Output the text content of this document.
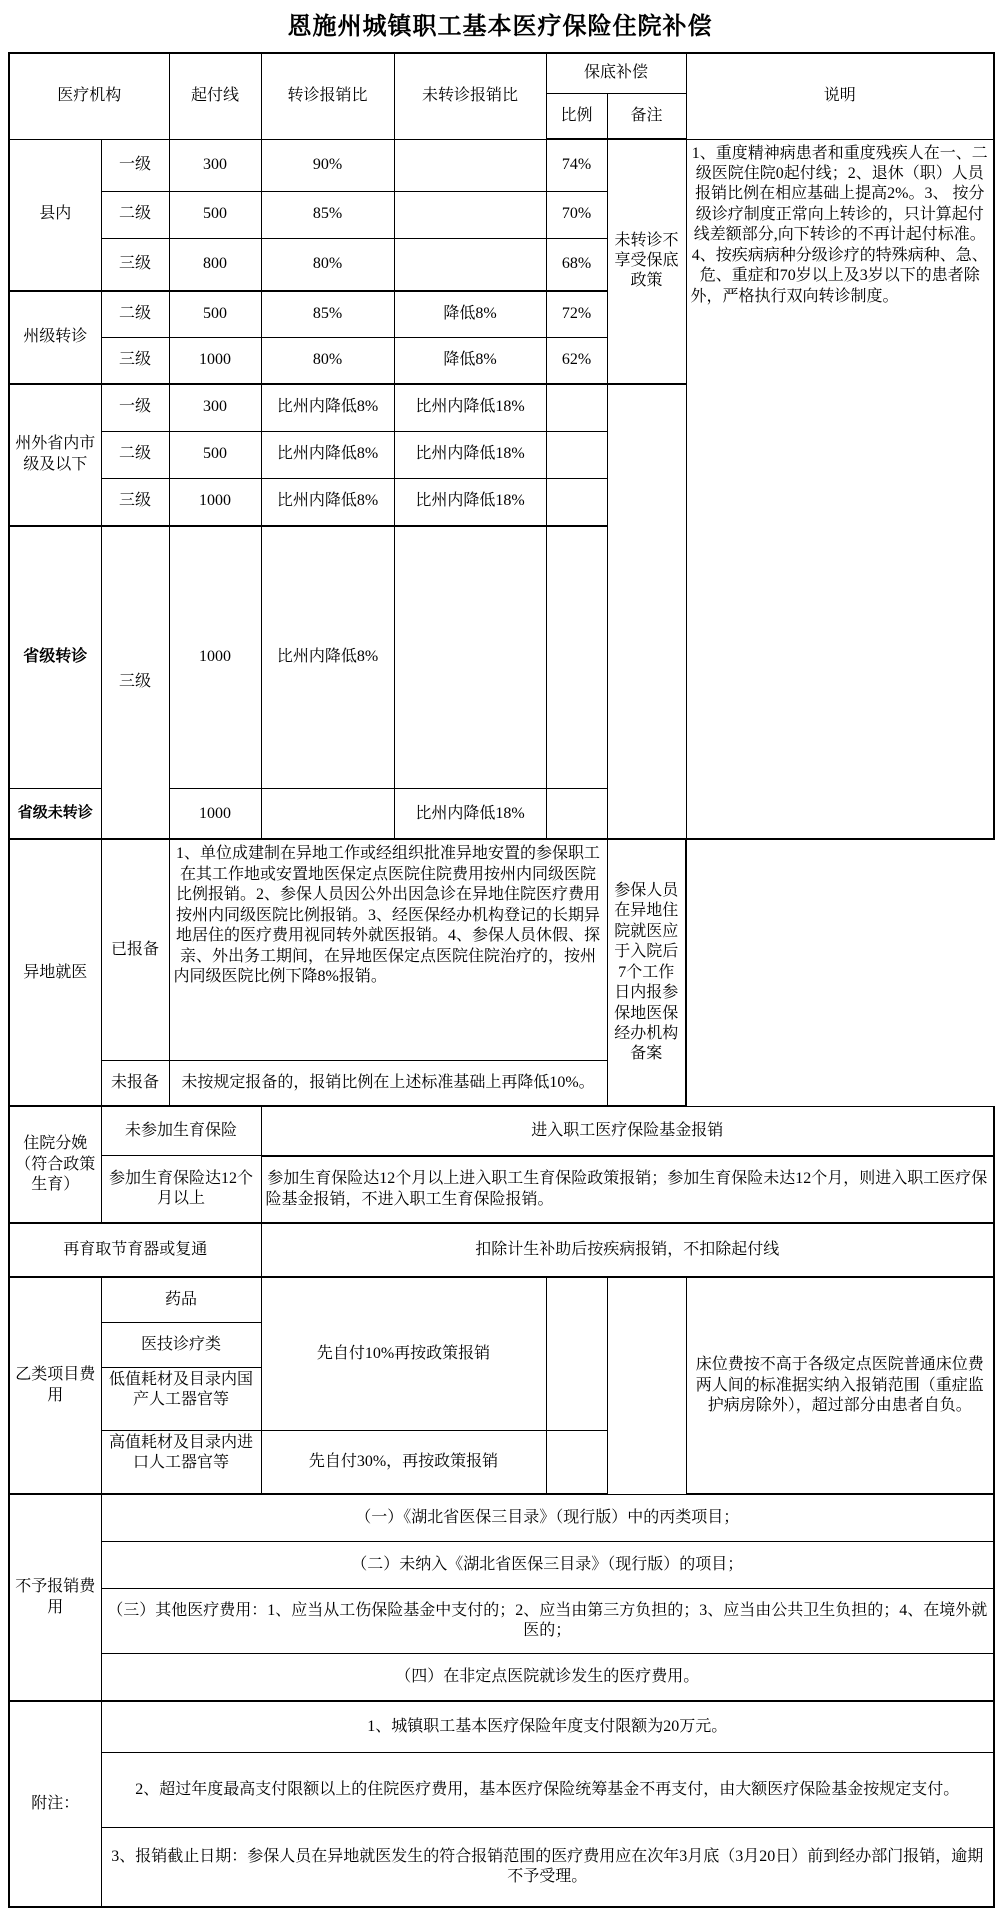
恩施州城镇职工基本医疗保险住院补偿
医疗机构		起付线	转诊报销比	未转诊报销比	保底补偿		说明	
					比例	备注		
县内	一级	300	90%		74%	未转诊不享受保底政策	1、重度精神病患者和重度残疾人在一、二级医院住院0起付线；2、退休（职）人员报销比例在相应基础上提高2%。3、 按分级诊疗制度正常向上转诊的，只计算起付线差额部分,向下转诊的不再计起付标准。4、按疾病病种分级诊疗的特殊病种、急、危、重症和70岁以上及3岁以下的患者除外，严格执行双向转诊制度。	
	二级	500	85%		70%			
	三级	800	80%		68%			
州级转诊	二级	500	85%	降低8%	72%			
	三级	1000	80%	降低8%	62%			
州外省内市级及以下	一级	300	比州内降低8%	比州内降低18%			
	二级	500	比州内降低8%	比州内降低18%				
	三级	1000	比州内降低8%	比州内降低18%				
省级转诊	三级	1000	比州内降低8%					
省级未转诊		1000		比州内降低18%				
异地就医	已报备	1、单位成建制在异地工作或经组织批准异地安置的参保职工在其工作地或安置地医保定点医院住院费用按州内同级医院比例报销。2、参保人员因公外出因急诊在异地住院医疗费用按州内同级医院比例报销。3、经医保经办机构登记的长期异地居住的医疗费用视同转外就医报销。4、参保人员休假、探亲、外出务工期间，在异地医保定点医院住院治疗的，按州内同级医院比例下降8%报销。				参保人员在异地住院就医应于入院后7个工作日内报参保地医保经办机构备案		
	未报备	未按规定报备的，报销比例在上述标准基础上再降低10%。						
住院分娩（符合政策生育）	未参加生育保险		进入职工医疗保险基金报销					
	参加生育保险达12个月以上		参加生育保险达12个月以上进入职工生育保险政策报销；参加生育保险未达12个月，则进入职工医疗保险基金报销，不进入职工生育保险报销。					
再育取节育器或复通			扣除计生补助后按疾病报销，不扣除起付线					
乙类项目费用	药品		先自付10%再按政策报销				床位费按不高于各级定点医院普通床位费两人间的标准据实纳入报销范围（重症监护病房除外），超过部分由患者自负。	
	医技诊疗类							
	低值耗材及目录内国产人工器官等							
	高值耗材及目录内进口人工器官等		先自付30%，再按政策报销					
不予报销费用	（一）《湖北省医保三目录》（现行版）中的丙类项目；							
	（二）未纳入《湖北省医保三目录》（现行版）的项目；							
	（三）其他医疗费用：1、应当从工伤保险基金中支付的；2、应当由第三方负担的；3、应当由公共卫生负担的；4、在境外就医的；							
	（四）在非定点医院就诊发生的医疗费用。							
附注：	1、城镇职工基本医疗保险年度支付限额为20万元。							
	2、超过年度最高支付限额以上的住院医疗费用，基本医疗保险统筹基金不再支付，由大额医疗保险基金按规定支付。							
	3、报销截止日期：参保人员在异地就医发生的符合报销范围的医疗费用应在次年3月底（3月20日）前到经办部门报销，逾期不予受理。							
